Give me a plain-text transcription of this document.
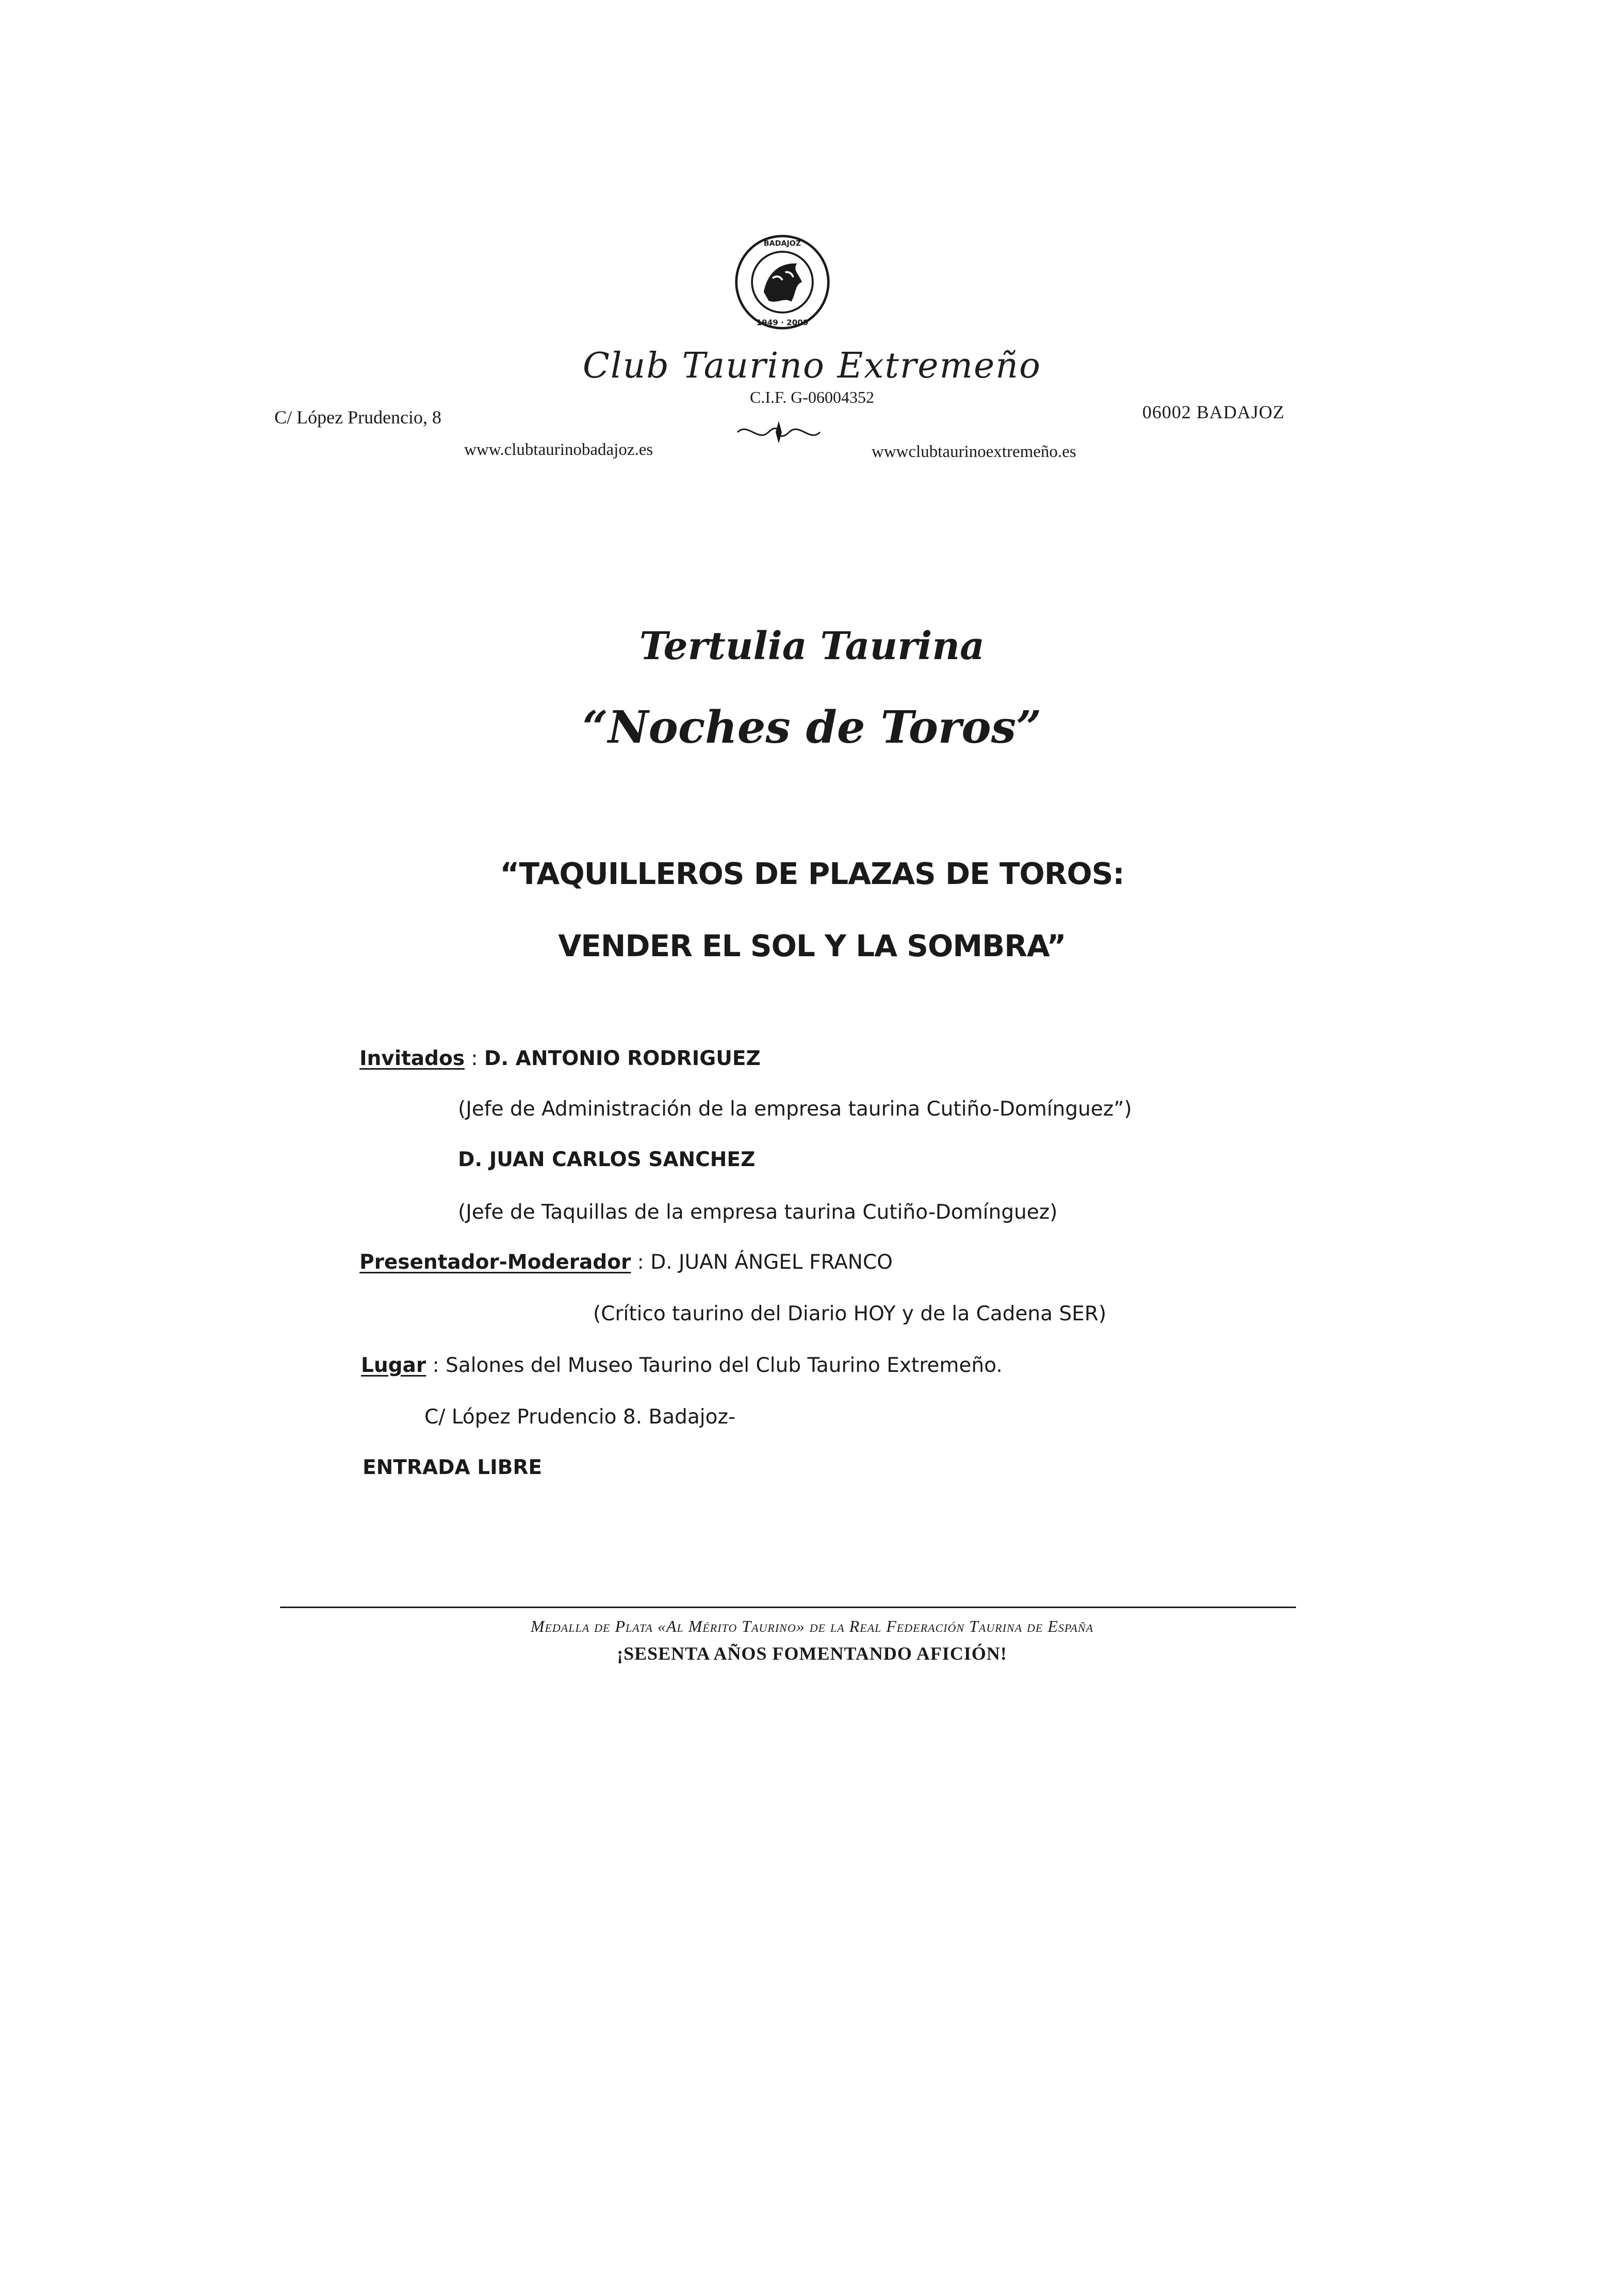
BADAJOZ
1949 · 2009
Club Taurino Extremeño
C.I.F. G-06004352
C/ López Prudencio, 8	06002 BADAJOZ
www.clubtaurinobadajoz.es	wwwclubtaurinoextremeño.es
Tertulia Taurina
“Noches de Toros”
“TAQUILLEROS DE PLAZAS DE TOROS:
VENDER EL SOL Y LA SOMBRA”
Invitados : D. ANTONIO RODRIGUEZ
(Jefe de Administración de la empresa taurina Cutiño-Domínguez”)
D. JUAN CARLOS SANCHEZ
(Jefe de Taquillas de la empresa taurina Cutiño-Domínguez)
Presentador-Moderador : D. JUAN ÁNGEL FRANCO
(Crítico taurino del Diario HOY y de la Cadena SER)
Lugar : Salones del Museo Taurino del Club Taurino Extremeño.
C/ López Prudencio 8. Badajoz-
ENTRADA LIBRE
Medalla de Plata «Al Mérito Taurino» de la Real Federación Taurina de España
¡SESENTA AÑOS FOMENTANDO AFICIÓN!
